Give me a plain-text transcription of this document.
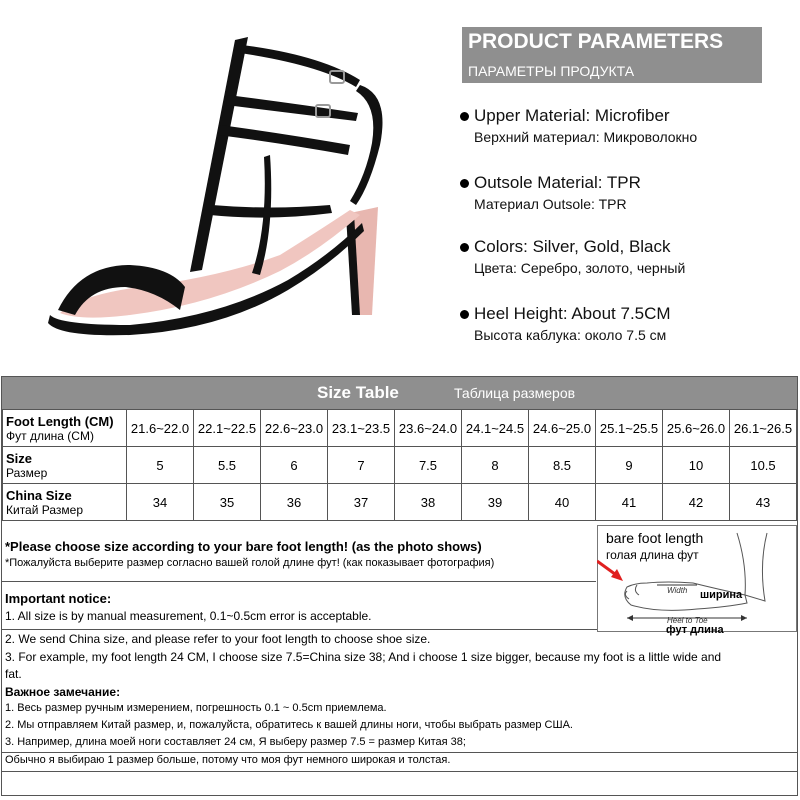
PRODUCT PARAMETERS
ПАРАМЕТРЫ ПРОДУКТА
Upper Material: Microfiber
Верхний материал: Микроволокно
Outsole Material: TPR
Материал Outsole: TPR
Colors: Silver, Gold, Black
Цвета: Серебро, золото, черный
Heel Height: About 7.5CM
Высота каблука: около 7.5 см
Size Table	Таблица размеров
Foot Length (CM)
Фут длина (CM)	21.6~22.0	22.1~22.5	22.6~23.0	23.1~23.5	23.6~24.0	24.1~24.5	24.6~25.0	25.1~25.5	25.6~26.0	26.1~26.5

Size
Размер	5	5.5	6	7	7.5	8	8.5	9	10	10.5

China Size
Китай Размер	34	35	36	37	38	39	40	41	42	43
*Please choose size according to your bare foot length! (as the photo shows)
*Пожалуйста выберите размер согласно вашей голой длине фут! (как показывает фотография)
Important notice:
1. All size is by manual measurement, 0.1~0.5cm error is acceptable.
2. We send China size, and please refer to your foot length to choose shoe size.
3. For example, my foot length 24 CM, I choose size 7.5=China size 38; And i choose 1 size bigger, because my foot is a little wide and
fat.
Важное замечание:
1. Весь размер ручным измерением, погрешность 0.1 ~ 0.5cm приемлема.
2. Мы отправляем Китай размер, и, пожалуйста, обратитесь к вашей длины ноги, чтобы выбрать размер США.
3. Например, длина моей ноги составляет 24 см, Я выберу размер 7.5 = размер Китая 38;
Обычно я выбираю 1 размер больше, потому что моя фут немного широкая и толстая.
bare foot length
голая длина фут
Width
Heel to Toe
ширина
фут длина
